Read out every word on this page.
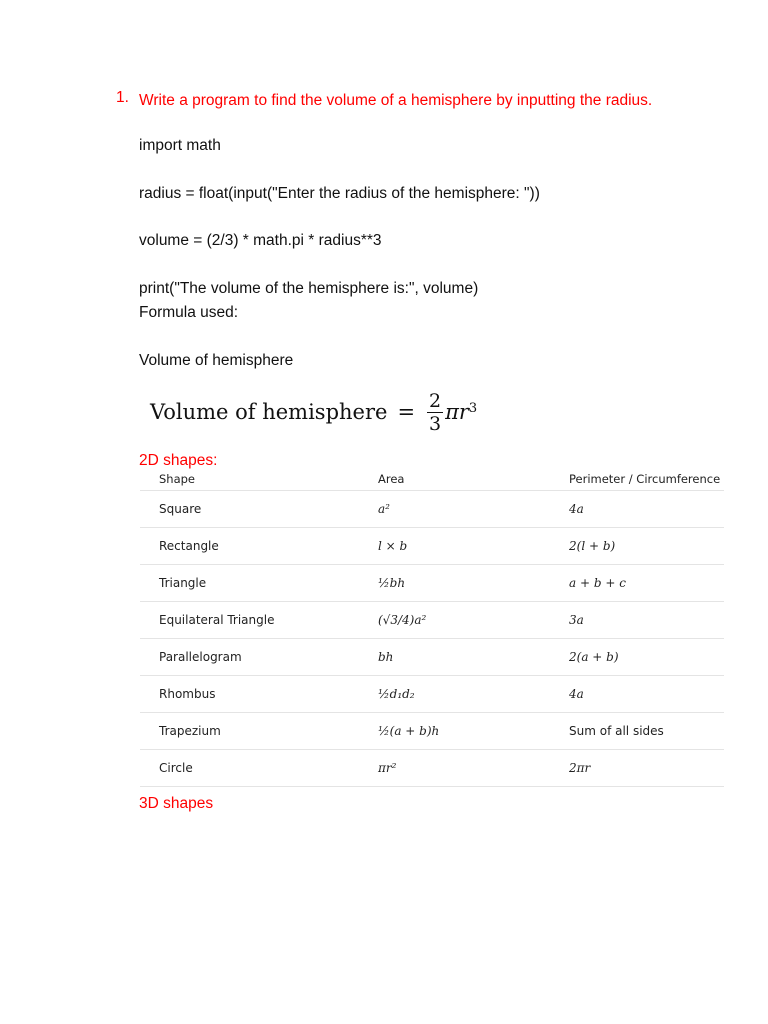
1. Write a program to find the volume of a hemisphere by inputting the radius.
import math
radius = float(input("Enter the radius of the hemisphere: "))
volume = (2/3) * math.pi * radius**3
print("The volume of the hemisphere is:", volume)
Formula used:
Volume of hemisphere
Volume of hemisphere = $\frac{2}{3} \pi r^3$
2D shapes:
Shape	Area	Perimeter / Circumference
Square	a²	4a
Rectangle	l × b	2(l + b)
Triangle	½bh	a + b + c
Equilateral Triangle	(√3/4)a²	3a
Parallelogram	bh	2(a + b)
Rhombus	½d₁d₂	4a
Trapezium	½(a + b)h	Sum of all sides
Circle	πr²	2πr
3D shapes
